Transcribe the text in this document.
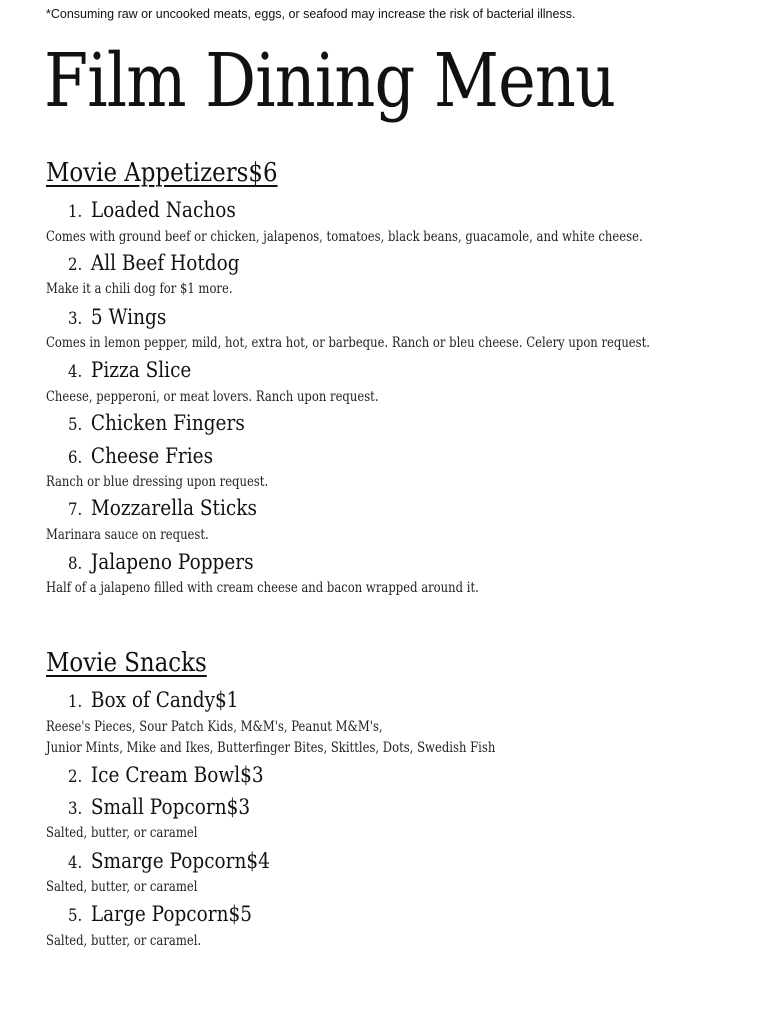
*Consuming raw or uncooked meats, eggs, or seafood may increase the risk of bacterial illness.
Film Dining Menu
Movie Appetizers$6
1. Loaded Nachos
Comes with ground beef or chicken, jalapenos, tomatoes, black beans, guacamole, and white cheese.
2. All Beef Hotdog
Make it a chili dog for $1 more.
3. 5 Wings
Comes in lemon pepper, mild, hot, extra hot, or barbeque. Ranch or bleu cheese. Celery upon request.
4. Pizza Slice
Cheese, pepperoni, or meat lovers. Ranch upon request.
5. Chicken Fingers
6. Cheese Fries
Ranch or blue dressing upon request.
7. Mozzarella Sticks
Marinara sauce on request.
8. Jalapeno Poppers
Half of a jalapeno filled with cream cheese and bacon wrapped around it.
Movie Snacks
1. Box of Candy$1
Reese's Pieces, Sour Patch Kids, M&M's, Peanut M&M's,
Junior Mints, Mike and Ikes, Butterfinger Bites, Skittles, Dots, Swedish Fish
2. Ice Cream Bowl$3
3. Small Popcorn$3
Salted, butter, or caramel
4. Smarge Popcorn$4
Salted, butter, or caramel
5. Large Popcorn$5
Salted, butter, or caramel.
